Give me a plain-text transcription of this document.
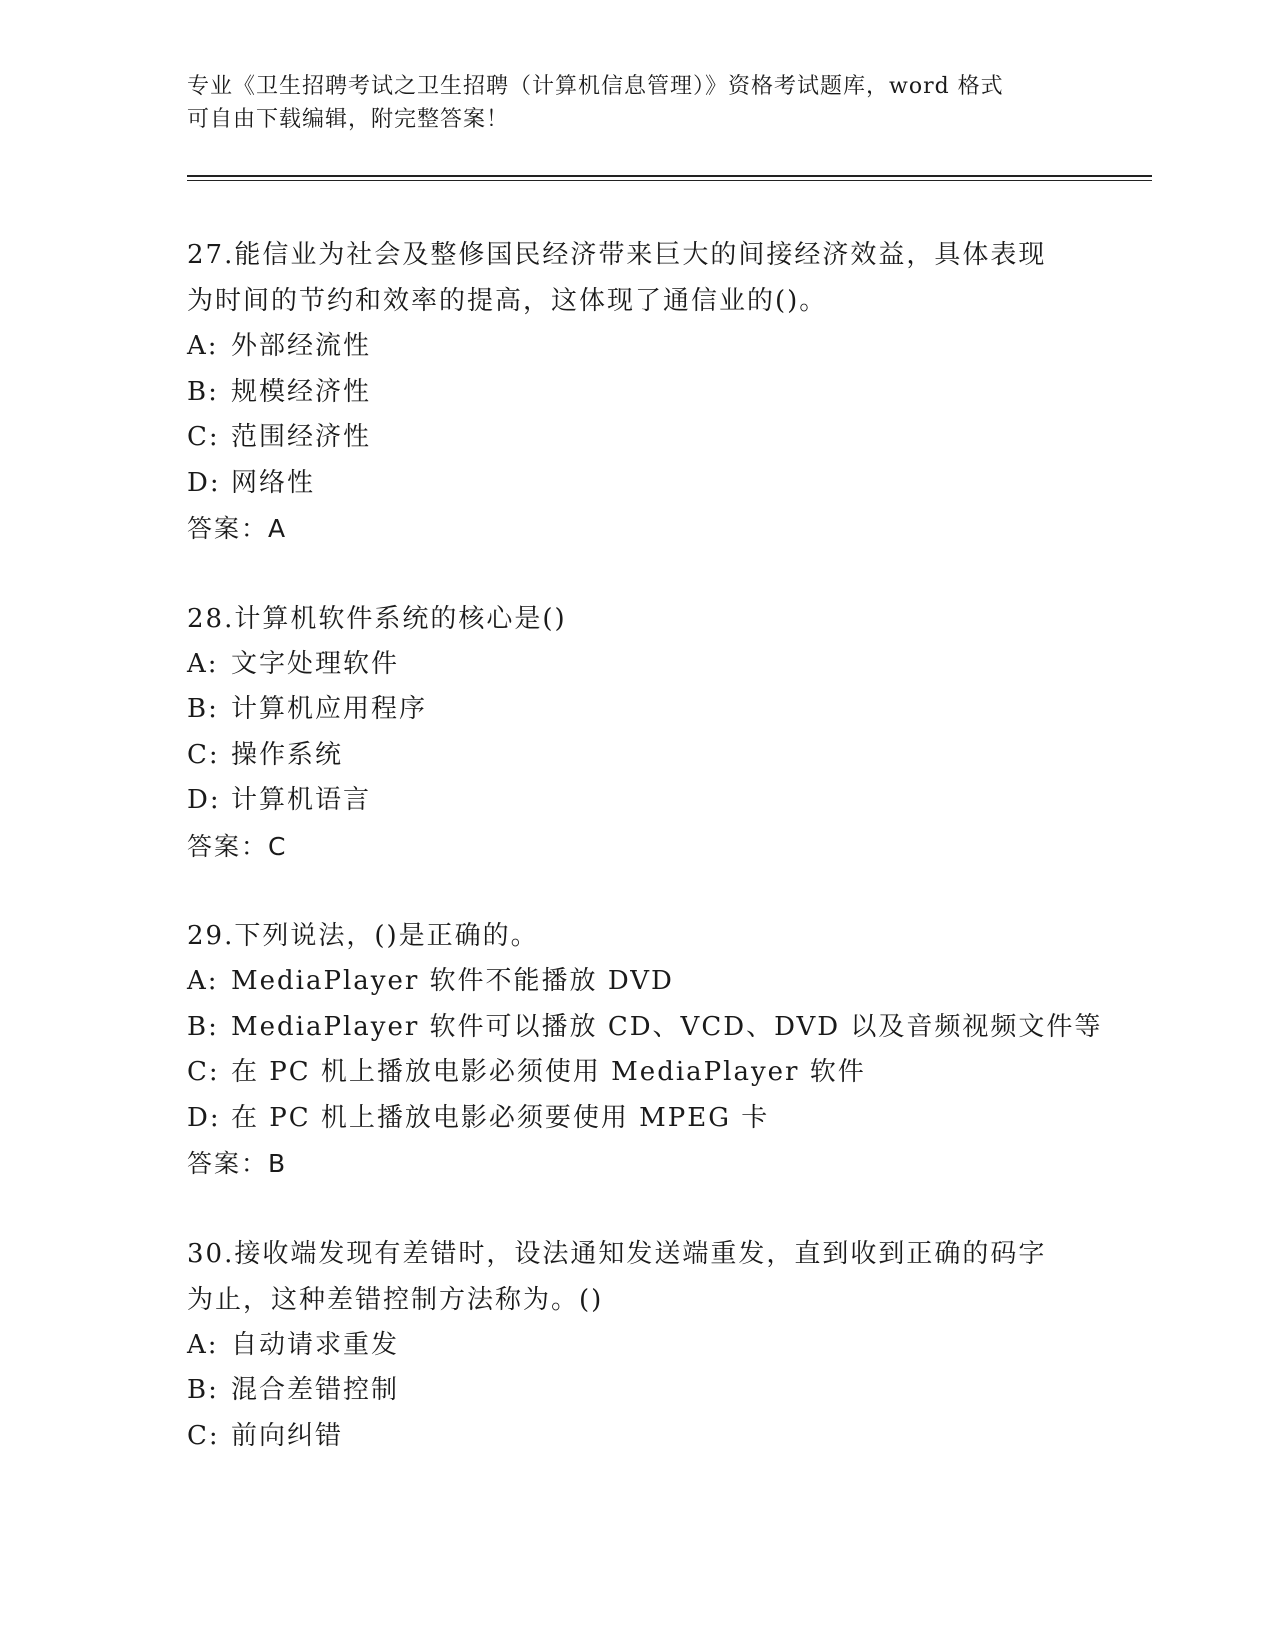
专业《卫生招聘考试之卫生招聘（计算机信息管理）》资格考试题库，word 格式
可自由下载编辑，附完整答案！
27.能信业为社会及整修国民经济带来巨大的间接经济效益，具体表现
为时间的节约和效率的提高，这体现了通信业的()。
A: 外部经流性
B: 规模经济性
C: 范围经济性
D: 网络性
答案：A
28.计算机软件系统的核心是()
A: 文字处理软件
B: 计算机应用程序
C: 操作系统
D: 计算机语言
答案：C
29.下列说法，()是正确的。
A: MediaPlayer 软件不能播放 DVD
B: MediaPlayer 软件可以播放 CD、VCD、DVD 以及音频视频文件等
C: 在 PC 机上播放电影必须使用 MediaPlayer 软件
D: 在 PC 机上播放电影必须要使用 MPEG 卡
答案：B
30.接收端发现有差错时，设法通知发送端重发，直到收到正确的码字
为止，这种差错控制方法称为。()
A: 自动请求重发
B: 混合差错控制
C: 前向纠错
